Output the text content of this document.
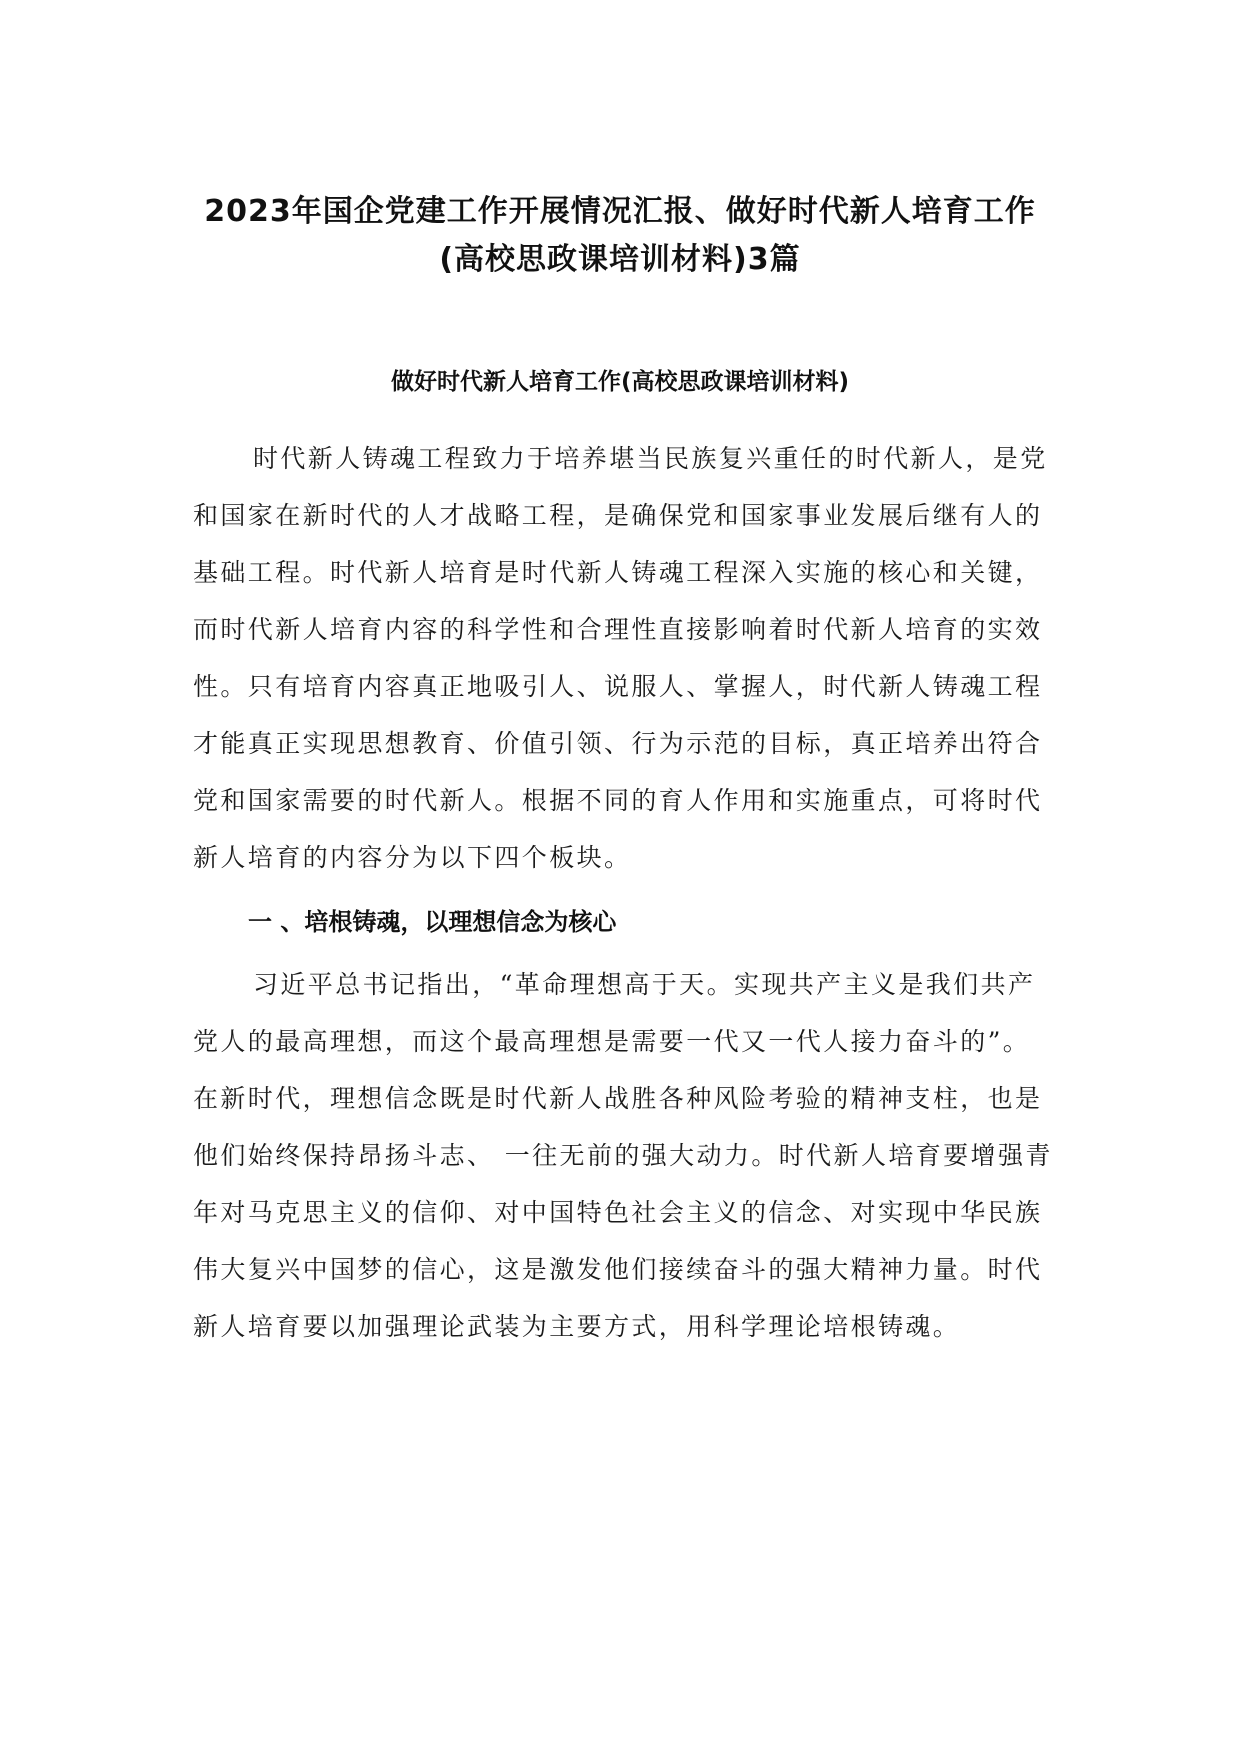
2023年国企党建工作开展情况汇报、做好时代新人培育工作
(高校思政课培训材料)3篇
做好时代新人培育工作(高校思政课培训材料)

时代新人铸魂工程致力于培养堪当民族复兴重任的时代新人，是党和国家在新时代的人才战略工程，是确保党和国家事业发展后继有人的基础工程。时代新人培育是时代新人铸魂工程深入实施的核心和关键，而时代新人培育内容的科学性和合理性直接影响着时代新人培育的实效性。只有培育内容真正地吸引人、说服人、掌握人，时代新人铸魂工程才能真正实现思想教育、价值引领、行为示范的目标，真正培养出符合党和国家需要的时代新人。根据不同的育人作用和实施重点，可将时代新人培育的内容分为以下四个板块。

一 、培根铸魂，以理想信念为核心

习近平总书记指出，“革命理想高于天。实现共产主义是我们共产党人的最高理想，而这个最高理想是需要一代又一代人接力奋斗的”。在新时代，理想信念既是时代新人战胜各种风险考验的精神支柱，也是他们始终保持昂扬斗志、 一往无前的强大动力。时代新人培育要增强青年对马克思主义的信仰、对中国特色社会主义的信念、对实现中华民族伟大复兴中国梦的信心，这是激发他们接续奋斗的强大精神力量。时代新人培育要以加强理论武装为主要方式，用科学理论培根铸魂。
